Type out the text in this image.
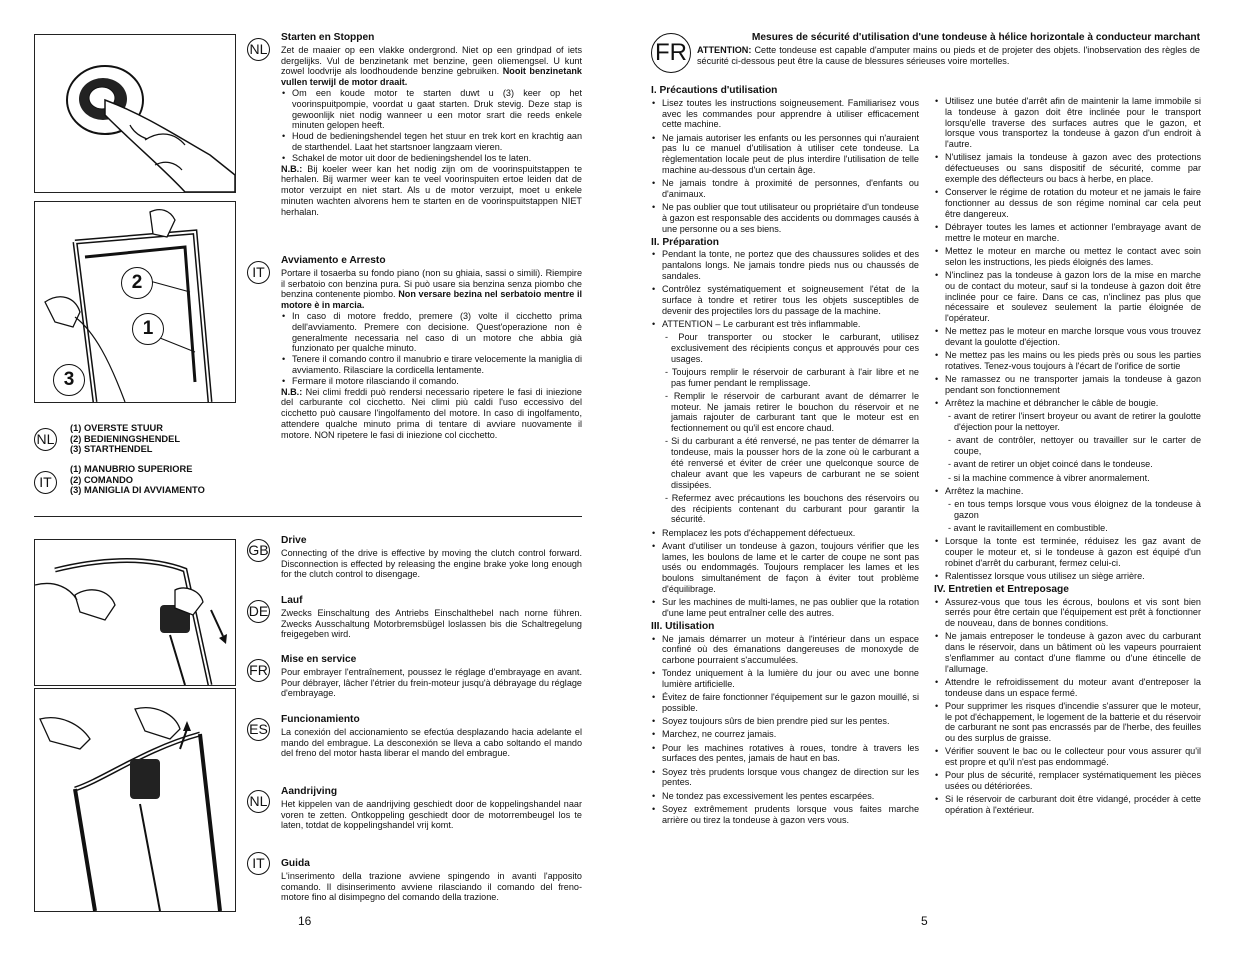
2
1
3
NL
(1) OVERSTE STUUR
(2) BEDIENINGSHENDEL
(3) STARTHENDEL
IT
(1) MANUBRIO SUPERIORE
(2) COMANDO
(3) MANIGLIA DI AVVIAMENTO
NL
Starten en Stoppen

Zet de maaier op een vlakke ondergrond. Niet op een grindpad of iets dergelijks. Vul de benzinetank met benzine, geen oliemengsel. U kunt zowel loodvrije als loodhoudende benzine gebruiken. Nooit benzinetank vullen terwijl de motor draait.

• Om een koude motor te starten duwt u (3) keer op het voorinspuitpompie, voordat u gaat starten. Druk stevig. Deze stap is gewoonlijk niet nodig wanneer u een motor srart die reeds enkele minuten gelopen heeft.
• Houd de bedieningshendel tegen het stuur en trek kort en krachtig aan de starthendel. Laat het startsnoer langzaam vieren.
• Schakel de motor uit door de bedieningshendel los te laten.

N.B.: Bij koeler weer kan het nodig zijn om de voorinspuitstappen te herhalen. Bij warmer weer kan te veel voorinspuiten ertoe leiden dat de motor verzuipt en niet start. Als u de motor verzuipt, moet u enkele minuten wachten alvorens hem te starten en de voorinspuitstappen NIET herhalan.

IT
Avviamento e Arresto

Portare il tosaerba su fondo piano (non su ghiaia, sassi o simili). Riempire il serbatoio con benzina pura. Si può usare sia benzina senza piombo che benzina contenente piombo. Non versare bezina nel serbatoio mentre il motore è in marcia.

• In caso di motore freddo, premere (3) volte il cicchetto prima dell'avviamento. Premere con decisione. Quest'operazione non è generalmente necessaria nel caso di un motore che abbia già funzionato per qualche minuto.
• Tenere il comando contro il manubrio e tirare velocemente la maniglia di avviamento. Rilasciare la cordicella lentamente.
• Fermare il motore rilasciando il comando.

N.B.: Nei climi freddi può rendersi necessario ripetere le fasi di iniezione del carburante col cicchetto. Nei climi più caldi l'uso eccessivo del cicchetto può causare l'ingolfamento del motore. In caso di ingolfamento, attendere qualche minuto prima di tentare di avviare nuovamente il motore. NON ripetere le fasi di iniezione col cicchetto.

GB
Drive

Connecting of the drive is effective by moving the clutch control forward. Disconnection is effected by releasing the engine brake yoke long enough for the clutch control to disengage.

DE
Lauf

Zwecks Einschaltung des Antriebs Einschalthebel nach norne führen. Zwecks Ausschaltung Motorbremsbügel loslassen bis die Schaltregelung freigegeben wird.

FR
Mise en service

Pour embrayer l'entraînement, poussez le réglage d'embrayage en avant. Pour débrayer, lâcher l'étrier du frein-moteur jusqu'à débrayage du réglage d'embrayage.

ES
Funcionamiento

La conexión del accionamiento se efectúa desplazando hacia adelante el mando del embrague. La desconexión se lleva a cabo soltando el mando del freno del motor hasta liberar el mando del embrague.

NL
Aandrijving

Het kippelen van de aandrijving geschiedt door de koppelingshandel naar voren te zetten. Ontkoppeling geschiedt door de motorrembeugel los te laten, totdat de koppelingshandel vrij komt.

IT	Guida

L'inserimento della trazione avviene spingendo in avanti l'apposito comando. Il disinserimento avviene rilasciando il comando del freno-motore fino al disimpegno del comando della trazione.

16
FR
Mesures de sécurité d'utilisation d'une tondeuse à hélice horizontale à conducteur marchant

ATTENTION: Cette tondeuse est capable d'amputer mains ou pieds et de projeter des objets. l'inobservation des règles de sécurité ci-dessous peut être la cause de blessures sérieuses voire mortelles.

I. Précautions d'utilisation
• Lisez toutes les instructions soigneusement. Familiarisez vous avec les commandes pour apprendre à utiliser efficacement cette machine.
• Ne jamais autoriser les enfants ou les personnes qui n'auraient pas lu ce manuel d'utilisation à utiliser cete tondeuse. La règlementation locale peut de plus interdire l'utilisation de telle machine au-dessous d'un certain âge.
• Ne jamais tondre à proximité de personnes, d'enfants ou d'animaux.
• Ne pas oublier que tout utilisateur ou propriétaire d'un tondeuse à gazon est responsable des accidents ou dommages causés à une personne ou a ses biens.
II. Préparation
• Pendant la tonte, ne portez que des chaussures solides et des pantalons longs. Ne jamais tondre pieds nus ou chaussés de sandales.
• Contrôlez systématiquement et soigneusement l'état de la surface à tondre et retirer tous les objets susceptibles de devenir des projectiles lors du passage de la machine.
• ATTENTION – Le carburant est très inflammable.
- Pour transporter ou stocker le carburant, utilisez exclusivement des récipients conçus et approuvés pour ces usages.
- Toujours remplir le réservoir de carburant à l'air libre et ne pas fumer pendant le remplissage.
- Remplir le réservoir de carburant avant de démarrer le moteur. Ne jamais retirer le bouchon du réservoir et ne jamais rajouter de carburant tant que le moteur est en fectionnement ou qu'il est encore chaud.
- Si du carburant a été renversé, ne pas tenter de démarrer la tondeuse, mais la pousser hors de la zone où le carburant a été renversé et éviter de créer une quelconque source de chaleur avant que les vapeurs de carburant ne se soient dissipées.
- Refermez avec précautions les bouchons des réservoirs ou des récipients contenant du carburant pour garantir la sécurité.
• Remplacez les pots d'échappement défectueux.
• Avant d'utiliser un tondeuse à gazon, toujours vérifier que les lames, les boulons de lame et le carter de coupe ne sont pas usés ou endommagés. Toujours remplacer les lames et les boulons simultanément de façon à éviter tout problème d'équilibrage.
• Sur les machines de multi-lames, ne pas oublier que la rotation d'une lame peut entraîner celle des autres.
III. Utilisation
• Ne jamais démarrer un moteur à l'intérieur dans un espace confiné où des émanations dangereuses de monoxyde de carbone pourraient s'accumulées.
• Tondez uniquement à la lumière du jour ou avec une bonne lumière artificielle.
• Évitez de faire fonctionner l'équipement sur le gazon mouillé, si possible.
• Soyez toujours sûrs de bien prendre pied sur les pentes.
• Marchez, ne courrez jamais.
• Pour les machines rotatives à roues, tondre à travers les surfaces des pentes, jamais de haut en bas.
• Soyez très prudents lorsque vous changez de direction sur les pentes.
• Ne tondez pas excessivement les pentes escarpées.
• Soyez extrêmement prudents lorsque vous faites marche arrière ou tirez la tondeuse à gazon vers vous.
• Utilisez une butée d'arrêt afin de maintenir la lame immobile si la tondeuse à gazon doit être inclinée pour le transport lorsqu'elle traverse des surfaces autres que le gazon, et lorsque vous transportez la tondeuse à gazon d'un endroit à l'autre.
• N'utilisez jamais la tondeuse à gazon avec des protections défectueuses ou sans dispositif de sécurité, comme par exemple des déflecteurs ou bacs à herbe, en place.
• Conserver le régime de rotation du moteur et ne jamais le faire fonctionner au dessus de son régime nominal car cela peut être dangereux.
• Débrayer toutes les lames et actionner l'embrayage avant de mettre le moteur en marche.
• Mettez le moteur en marche ou mettez le contact avec soin selon les instructions, les pieds éloignés des lames.
• N'inclinez pas la tondeuse à gazon lors de la mise en marche ou de contact du moteur, sauf si la tondeuse à gazon doit être inclinée pour ce faire. Dans ce cas, n'inclinez pas plus que nécessaire et soulevez seulement la partie éloignée de l'opérateur.
• Ne mettez pas le moteur en marche lorsque vous vous trouvez devant la goulotte d'éjection.
• Ne mettez pas les mains ou les pieds près ou sous les parties rotatives. Tenez-vous toujours à l'écart de l'orifice de sortie
• Ne ramassez ou ne transporter jamais la tondeuse à gazon pendant son fonctionnement
• Arrêtez la machine et débrancher le câble de bougie.
- avant de retirer l'insert broyeur ou avant de retirer la goulotte d'éjection pour la nettoyer.
- avant de contrôler, nettoyer ou travailler sur le carter de coupe,
- avant de retirer un objet coincé dans le tondeuse.
- si la machine commence à vibrer anormalement.
• Arrêtez la machine.
- en tous temps lorsque vous vous éloignez de la tondeuse à gazon
- avant le ravitaillement en combustible.
• Lorsque la tonte est terminée, réduisez les gaz avant de couper le moteur et, si le tondeuse à gazon est équipé d'un robinet d'arrêt du carburant, fermez celui-ci.
• Ralentissez lorsque vous utilisez un siège arrière.
IV. Entretien et Entreposage
• Assurez-vous que tous les écrous, boulons et vis sont bien serrés pour être certain que l'équipement est prêt à fonctionner de nouveau, dans de bonnes conditions.
• Ne jamais entreposer le tondeuse à gazon avec du carburant dans le réservoir, dans un bâtiment où les vapeurs pourraient s'enflammer au contact d'une flamme ou d'une étincelle de l'allumage.
• Attendre le refroidissement du moteur avant d'entreposer la tondeuse dans un espace fermé.
• Pour supprimer les risques d'incendie s'assurer que le moteur, le pot d'échappement, le logement de la batterie et du réservoir de carburant ne sont pas encrassés par de l'herbe, des feuilles ou des surplus de graisse.
• Vérifier souvent le bac ou le collecteur pour vous assurer qu'il est propre et qu'il n'est pas endommagé.
• Pour plus de sécurité, remplacer systématiquement les pièces usées ou détériorées.
• Si le réservoir de carburant doit être vidangé, procéder à cette opération à l'extérieur.
5
